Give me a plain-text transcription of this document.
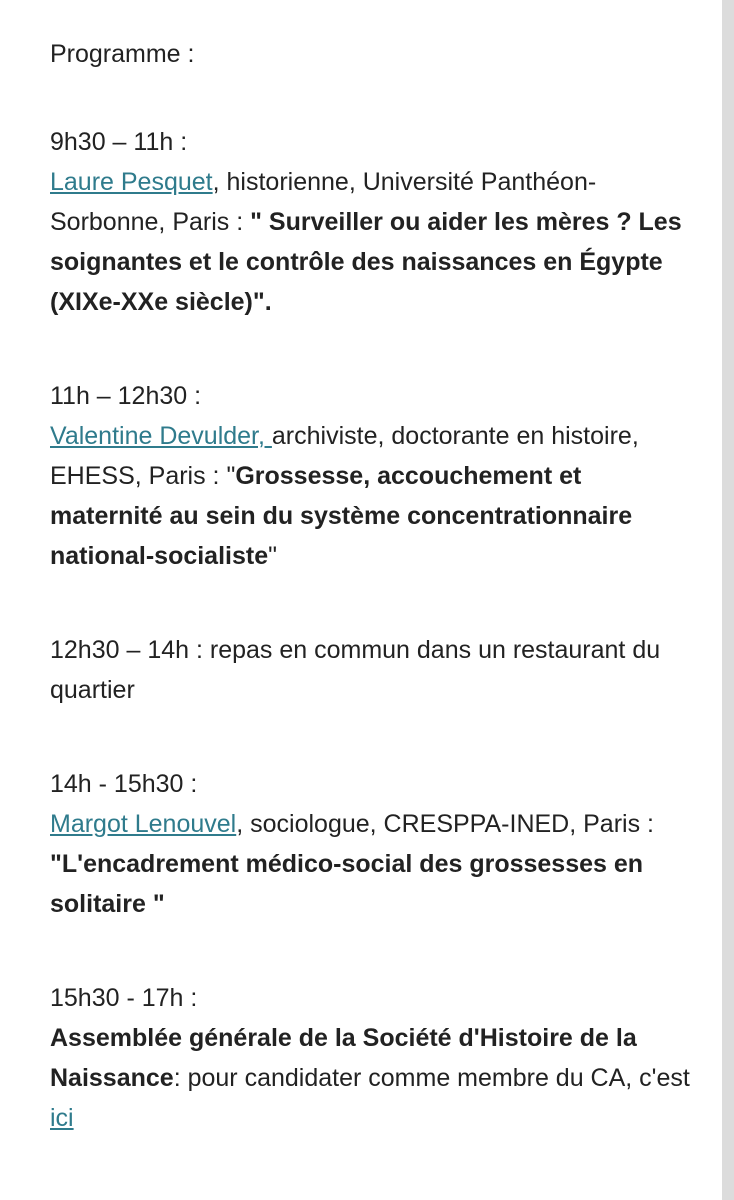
Programme :

9h30 – 11h :

Laure Pesquet, historienne, Université Panthéon-Sorbonne, Paris : " Surveiller ou aider les mères ? Les soignantes et le contrôle des naissances en Égypte (XIXe-XXe siècle)".

11h – 12h30 :

Valentine Devulder, archiviste, doctorante en histoire, EHESS, Paris : "Grossesse, accouchement et maternité au sein du système concentrationnaire national-socialiste"

12h30 – 14h : repas en commun dans un restaurant du quartier

14h - 15h30 :

Margot Lenouvel, sociologue, CRESPPA-INED, Paris : "L'encadrement médico-social des grossesses en solitaire "

15h30 - 17h :

Assemblée générale de la Société d'Histoire de la Naissance: pour candidater comme membre du CA, c'est ici
